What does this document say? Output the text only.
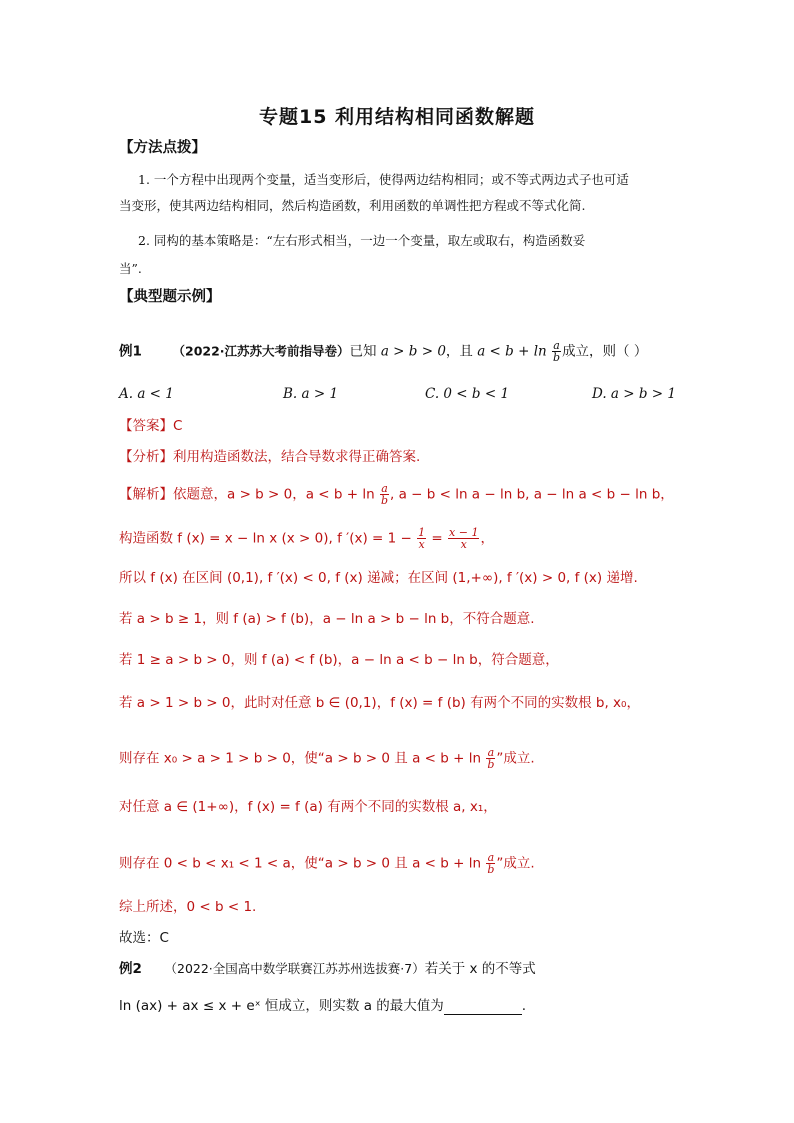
专题15 利用结构相同函数解题
【方法点拨】
1. 一个方程中出现两个变量，适当变形后，使得两边结构相同；或不等式两边式子也可适
当变形，使其两边结构相同，然后构造函数，利用函数的单调性把方程或不等式化简.
2. 同构的基本策略是：“左右形式相当，一边一个变量，取左或取右，构造函数妥
当”.
【典型题示例】
例1 （2022·江苏苏大考前指导卷）已知 a > b > 0，且 $a < b + \ln \frac{a}{b}$ 成立，则（ ）
A. a < 1	B. a > 1	C. 0 < b < 1	D. a > b > 1
【答案】C
【分析】利用构造函数法，结合导数求得正确答案.
【解析】依题意，a > b > 0，$a < b + \ln \frac{a}{b}$ , a − b < ln a − ln b, a − ln a < b − ln b，
构造函数 f (x) = x − ln x (x > 0), f $'(x) = 1 - \frac{1}{x} = \frac{x - 1}{x}$ ，
所以 f (x) 在区间 (0,1), f ′(x) < 0, f (x) 递减；在区间 (1,+∞), f ′(x) > 0, f (x) 递增.
若 a > b ≥ 1，则 f (a) > f (b)，a − ln a > b − ln b，不符合题意.
若 1 ≥ a > b > 0，则 f (a) < f (b)，a − ln a < b − ln b，符合题意，
若 a > 1 > b > 0，此时对任意 b ∈ (0,1)，f (x) = f (b) 有两个不同的实数根 b, x₀，
则存在 x₀ > a > 1 > b > 0，使“a > b > 0 且 $a < b + \ln \frac{a}{b}$ ”成立.
对任意 a ∈ (1+∞)，f (x) = f (a) 有两个不同的实数根 a, x₁，
则存在 0 < b < x₁ < 1 < a，使“a > b > 0 且 $a < b + \ln \frac{a}{b}$ ”成立.
综上所述，0 < b < 1.
故选：C
例2 （2022·全国高中数学联赛江苏苏州选拔赛·7）若关于 x 的不等式
ln (ax) + ax ≤ x + eˣ 恒成立，则实数 a 的最大值为	.
